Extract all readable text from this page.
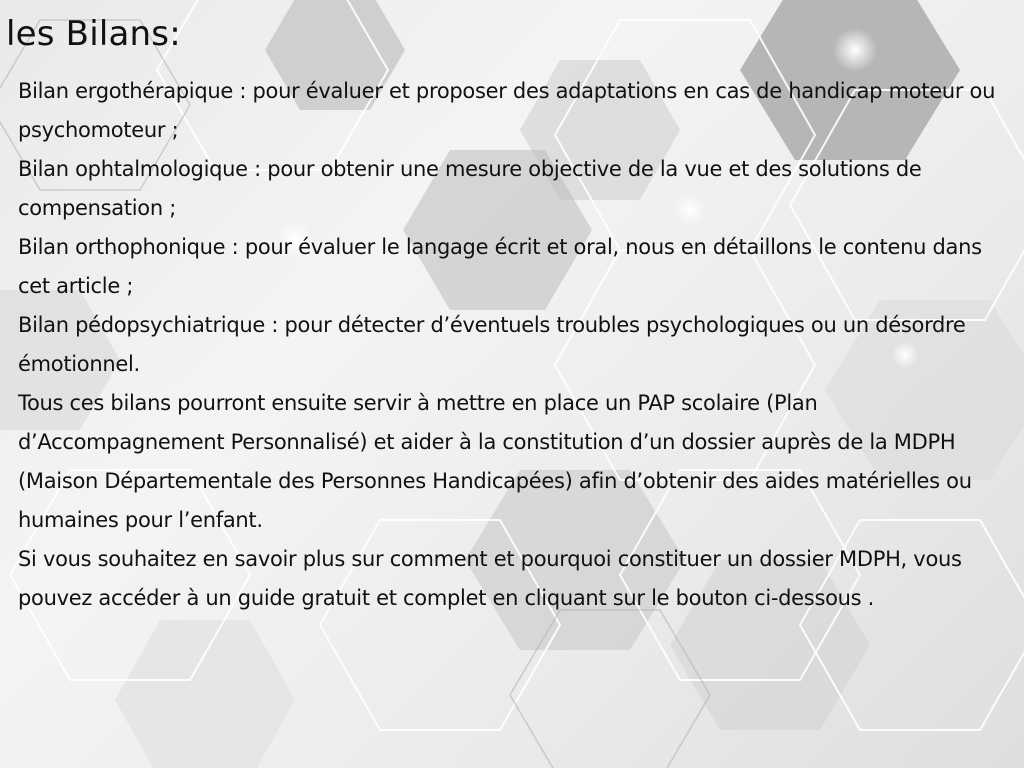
les Bilans:

Bilan ergothérapique : pour évaluer et proposer des adaptations en cas de handicap moteur ou psychomoteur ;

Bilan ophtalmologique : pour obtenir une mesure objective de la vue et des solutions de compensation ;

Bilan orthophonique : pour évaluer le langage écrit et oral, nous en détaillons le contenu dans cet article ;

Bilan pédopsychiatrique : pour détecter d’éventuels troubles psychologiques ou un désordre émotionnel.

Tous ces bilans pourront ensuite servir à mettre en place un PAP scolaire (Plan d’Accompagnement Personnalisé) et aider à la constitution d’un dossier auprès de la MDPH (Maison Départementale des Personnes Handicapées) afin d’obtenir des aides matérielles ou humaines pour l’enfant.

Si vous souhaitez en savoir plus sur comment et pourquoi constituer un dossier MDPH, vous pouvez accéder à un guide gratuit et complet en cliquant sur le bouton ci-dessous .
